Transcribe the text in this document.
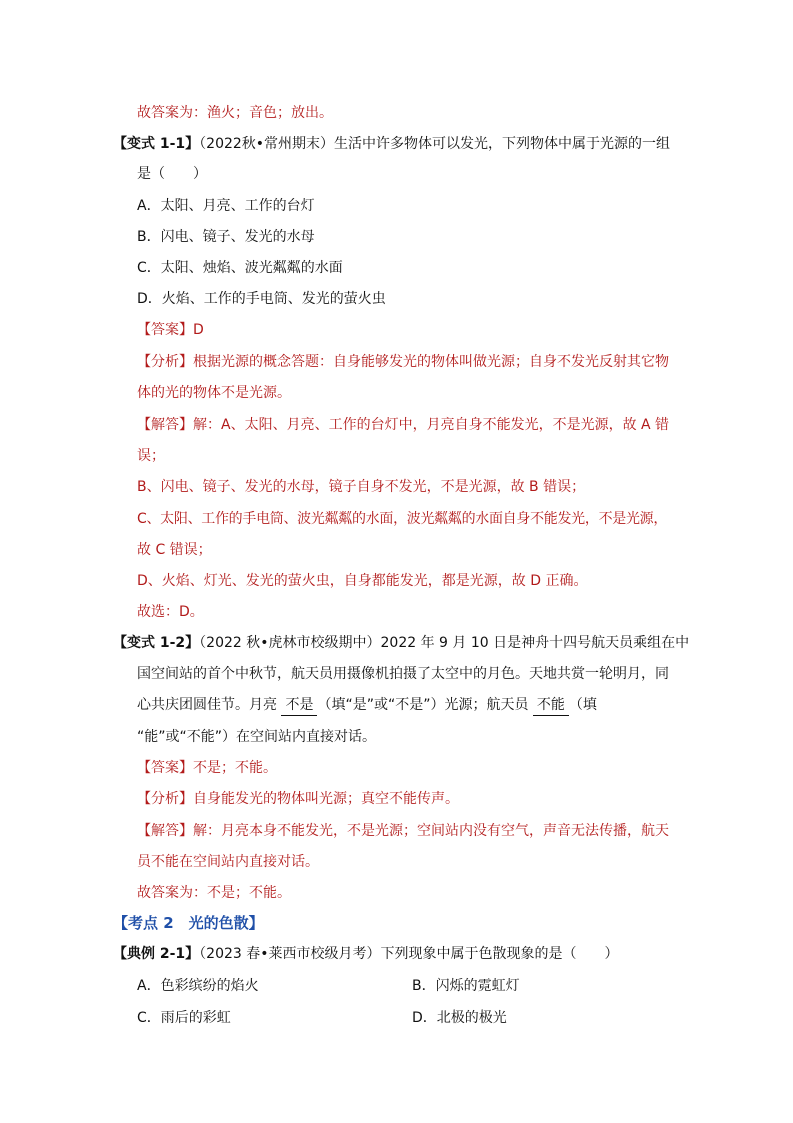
故答案为：渔火；音色；放出。
【变式 1-1】（2022秋•常州期末）生活中许多物体可以发光，下列物体中属于光源的一组
是（　　）
A．太阳、月亮、工作的台灯
B．闪电、镜子、发光的水母
C．太阳、烛焰、波光粼粼的水面
D．火焰、工作的手电筒、发光的萤火虫
【答案】D
【分析】根据光源的概念答题：自身能够发光的物体叫做光源；自身不发光反射其它物
体的光的物体不是光源。
【解答】解：A、太阳、月亮、工作的台灯中，月亮自身不能发光，不是光源，故 A 错
误；
B、闪电、镜子、发光的水母，镜子自身不发光，不是光源，故 B 错误；
C、太阳、工作的手电筒、波光粼粼的水面，波光粼粼的水面自身不能发光，不是光源，
故 C 错误；
D、火焰、灯光、发光的萤火虫，自身都能发光，都是光源，故 D 正确。
故选：D。
【变式 1-2】（2022 秋•虎林市校级期中）2022 年 9 月 10 日是神舟十四号航天员乘组在中
国空间站的首个中秋节，航天员用摄像机拍摄了太空中的月色。天地共赏一轮明月，同
心共庆团圆佳节。月亮 不是 （填“是”或“不是”）光源；航天员 不能 （填
“能”或“不能”）在空间站内直接对话。
【答案】不是；不能。
【分析】自身能发光的物体叫光源；真空不能传声。
【解答】解：月亮本身不能发光，不是光源；空间站内没有空气，声音无法传播，航天
员不能在空间站内直接对话。
故答案为：不是；不能。
【考点 2　光的色散】
【典例 2-1】（2023 春•莱西市校级月考）下列现象中属于色散现象的是（　　）
A．色彩缤纷的焰火	B．闪烁的霓虹灯
C．雨后的彩虹	D．北极的极光
